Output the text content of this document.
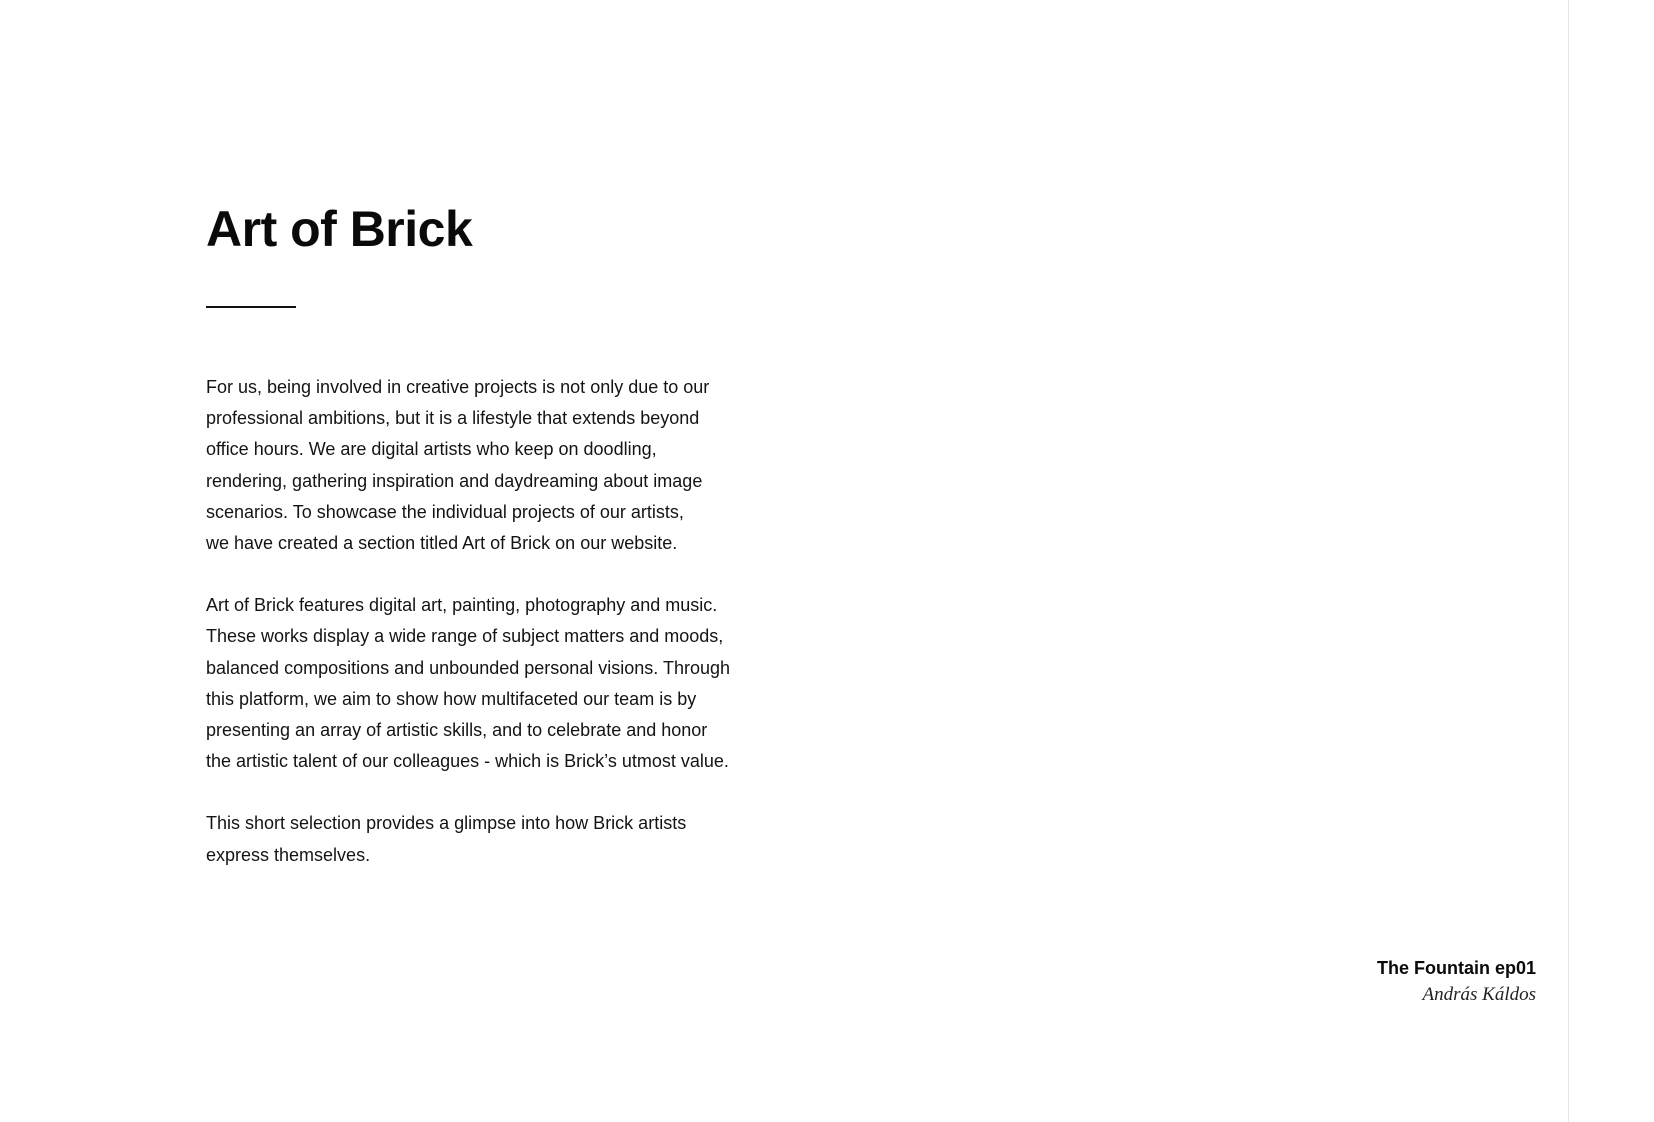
Art of Brick

For us, being involved in creative projects is not only due to our
professional ambitions, but it is a lifestyle that extends beyond
office hours. We are digital artists who keep on doodling,
rendering, gathering inspiration and daydreaming about image
scenarios. To showcase the individual projects of our artists,
we have created a section titled Art of Brick on our website.

Art of Brick features digital art, painting, photography and music.
These works display a wide range of subject matters and moods,
balanced compositions and unbounded personal visions. Through
this platform, we aim to show how multifaceted our team is by
presenting an array of artistic skills, and to celebrate and honor
the artistic talent of our colleagues - which is Brick’s utmost value.

This short selection provides a glimpse into how Brick artists
express themselves.

The Fountain ep01
András Káldos
